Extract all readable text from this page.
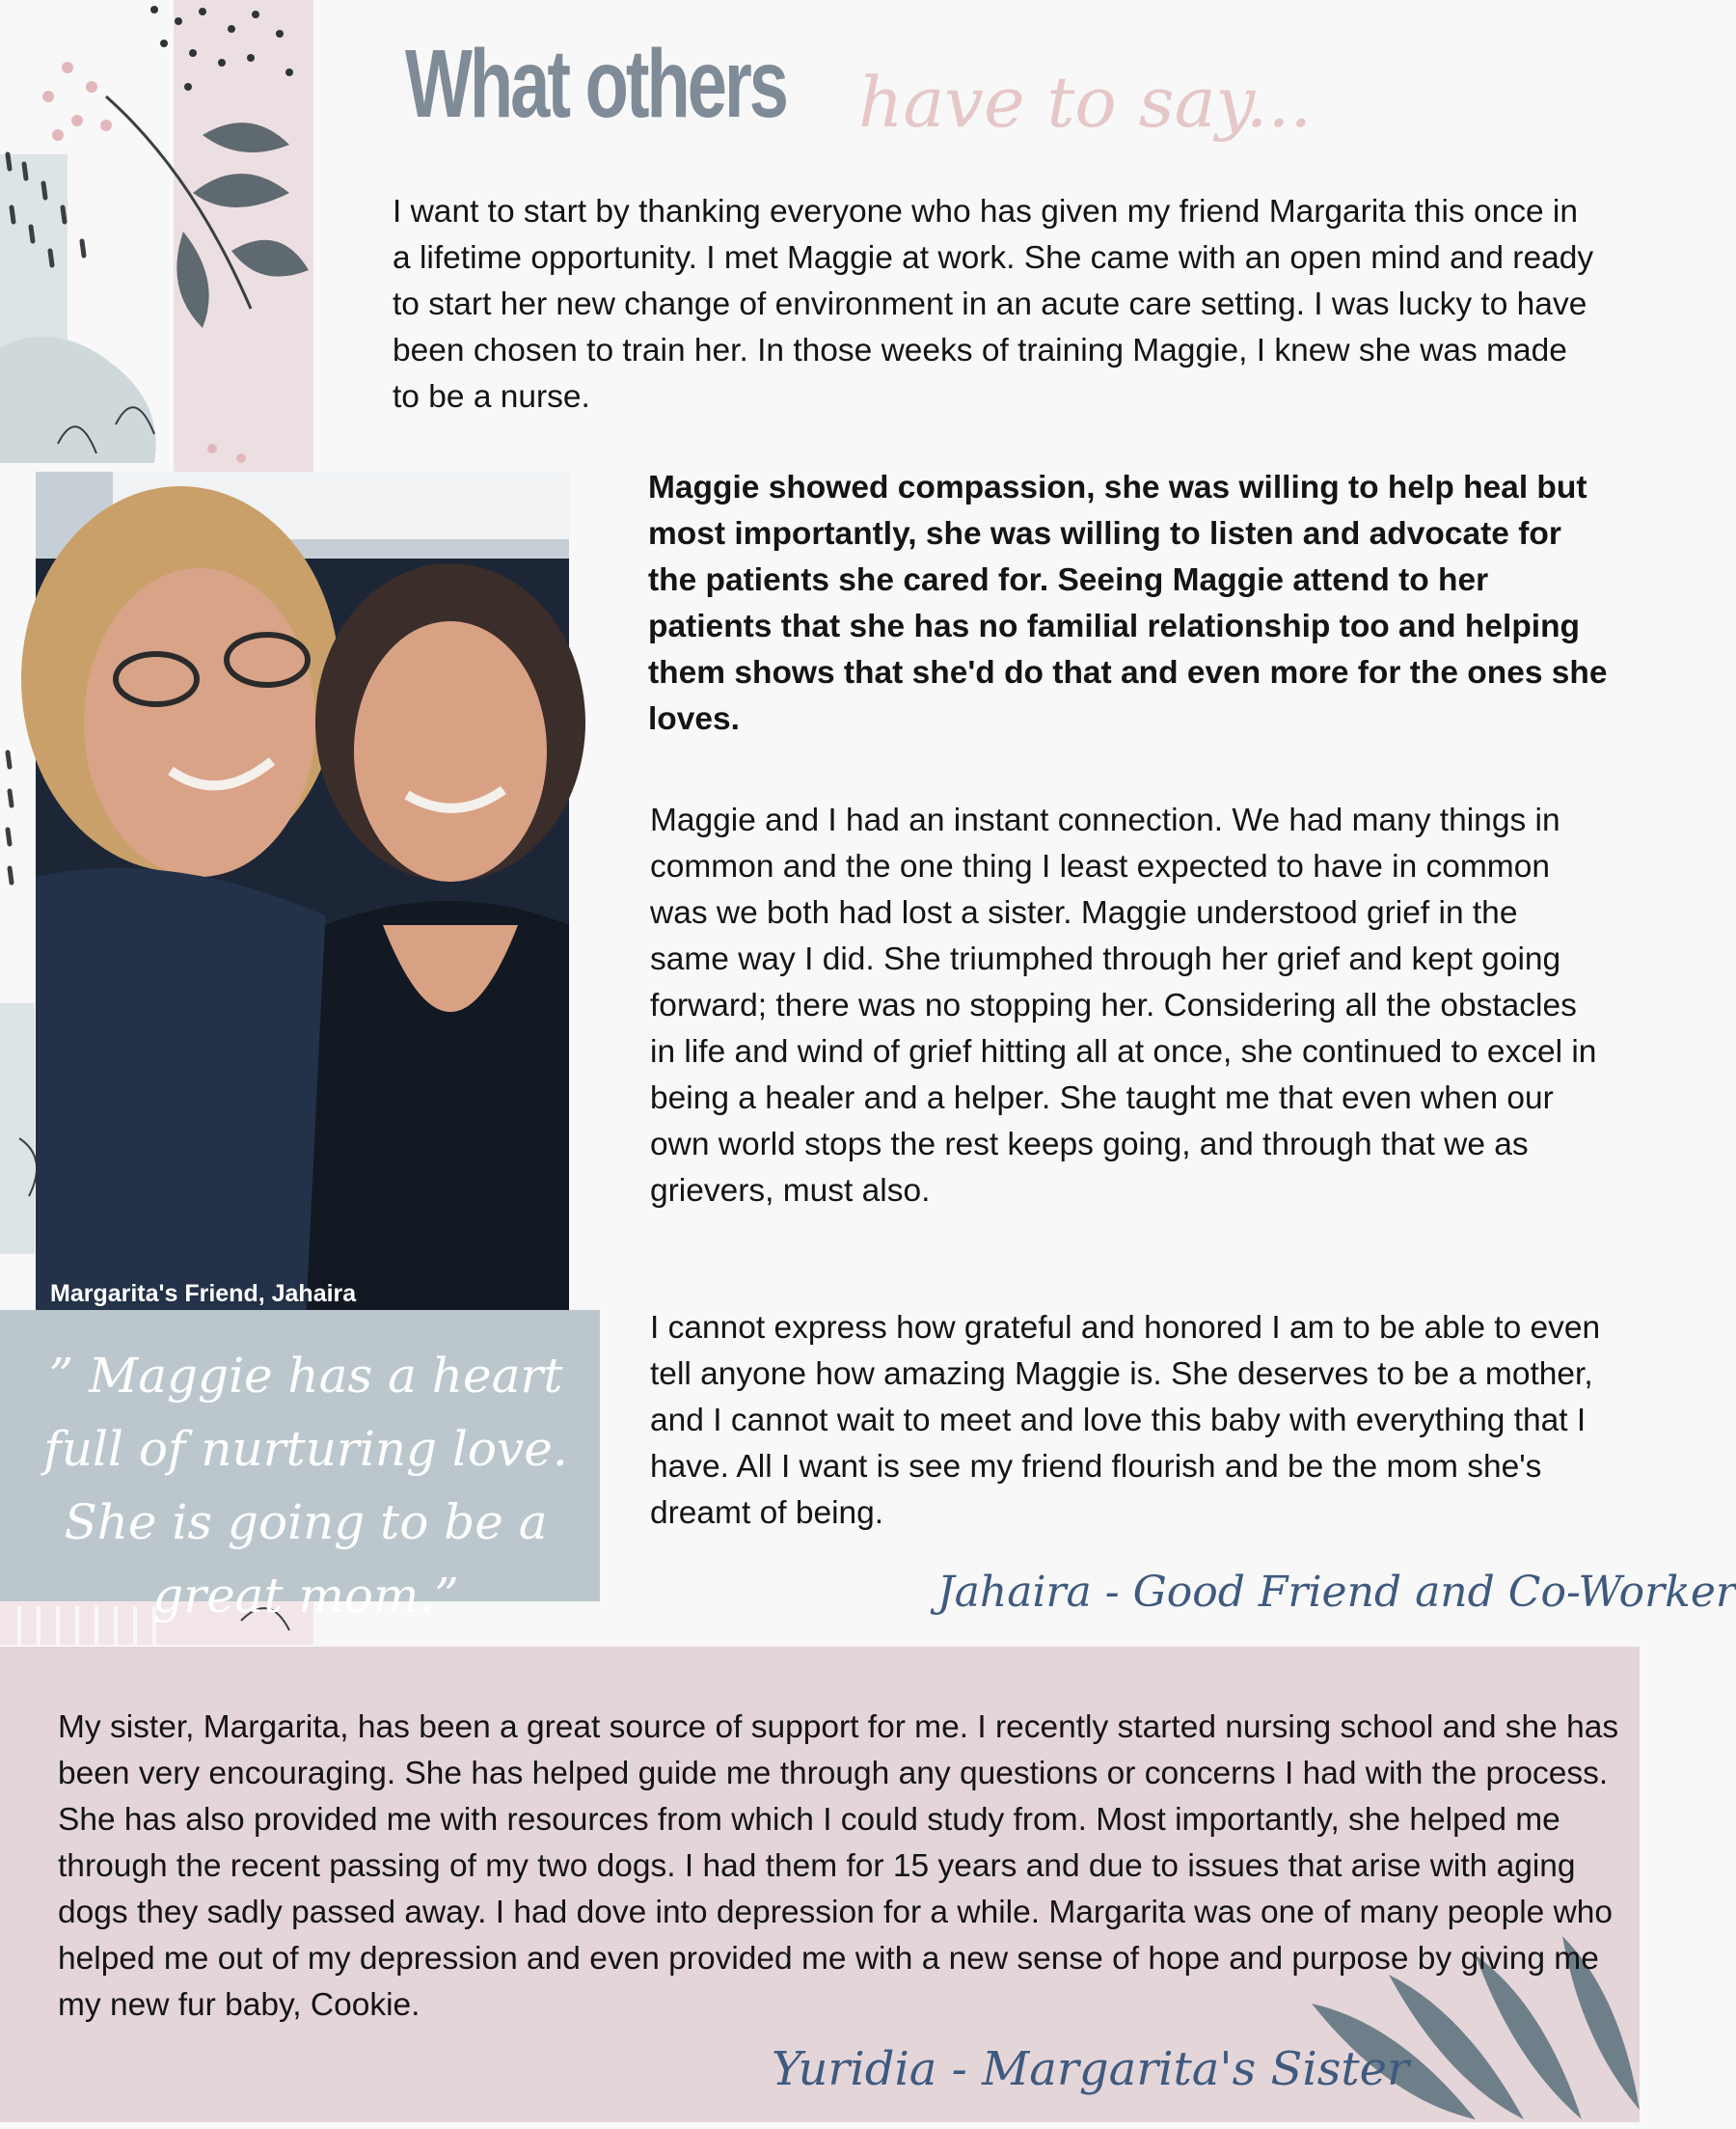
What others have to say...

I want to start by thanking everyone who has given my friend Margarita this once in a lifetime opportunity. I met Maggie at work. She came with an open mind and ready to start her new change of environment in an acute care setting. I was lucky to have been chosen to train her. In those weeks of training Maggie, I knew she was made to be a nurse.

Margarita's Friend, Jahaira

Maggie showed compassion, she was willing to help heal but most importantly, she was willing to listen and advocate for the patients she cared for. Seeing Maggie attend to her patients that she has no familial relationship too and helping them shows that she'd do that and even more for the ones she loves.

Maggie and I had an instant connection. We had many things in common and the one thing I least expected to have in common was we both had lost a sister. Maggie understood grief in the same way I did. She triumphed through her grief and kept going forward; there was no stopping her. Considering all the obstacles in life and wind of grief hitting all at once, she continued to excel in being a healer and a helper. She taught me that even when our own world stops the rest keeps going, and through that we as grievers, must also.

I cannot express how grateful and honored I am to be able to even tell anyone how amazing Maggie is. She deserves to be a mother, and I cannot wait to meet and love this baby with everything that I have. All I want is see my friend flourish and be the mom she's dreamt of being.

” Maggie has a heart full of nurturing love. She is going to be a great mom.”	Jahaira - Good Friend and Co-Worker

My sister, Margarita, has been a great source of support for me. I recently started nursing school and she has been very encouraging. She has helped guide me through any questions or concerns I had with the process. She has also provided me with resources from which I could study from. Most importantly, she helped me through the recent passing of my two dogs. I had them for 15 years and due to issues that arise with aging dogs they sadly passed away. I had dove into depression for a while. Margarita was one of many people who helped me out of my depression and even provided me with a new sense of hope and purpose by giving me my new fur baby, Cookie.

Yuridia - Margarita's Sister
